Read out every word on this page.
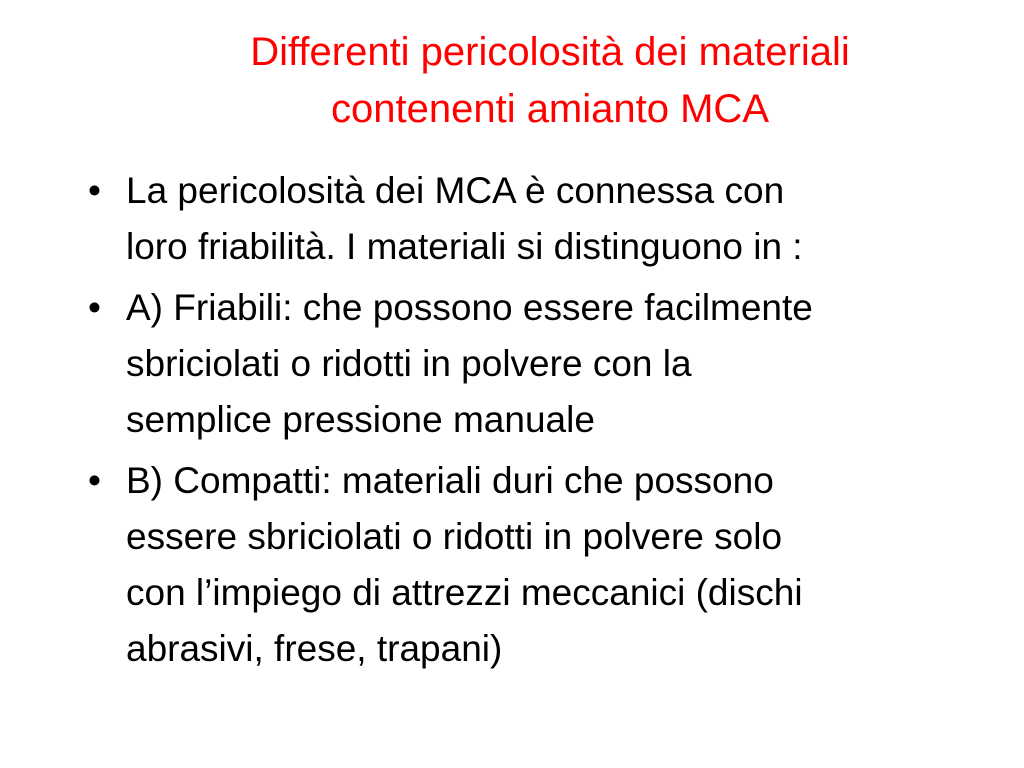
Differenti pericolosità dei materiali
contenenti amianto MCA
• La pericolosità dei MCA è connessa con
loro friabilità. I materiali si distinguono in :
• A) Friabili: che possono essere facilmente
sbriciolati o ridotti in polvere con la
semplice pressione manuale
• B) Compatti: materiali duri che possono
essere sbriciolati o ridotti in polvere solo
con l’impiego di attrezzi meccanici (dischi
abrasivi, frese, trapani)
